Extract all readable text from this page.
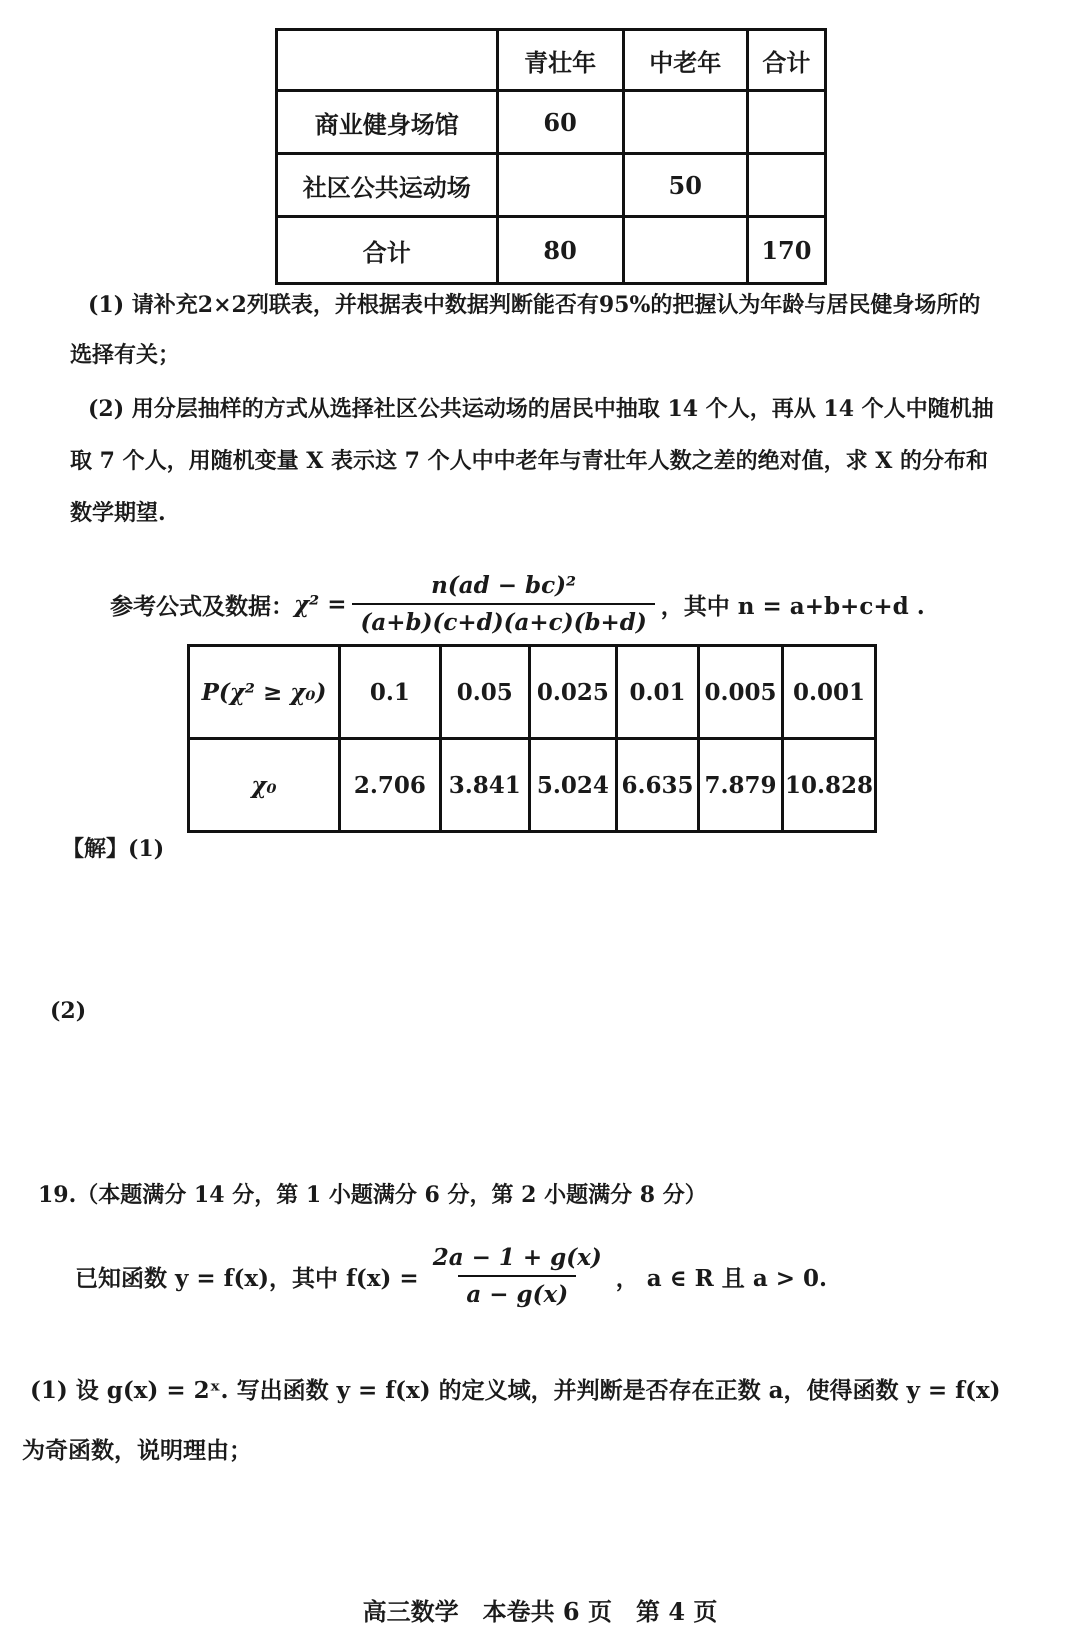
	青壮年	中老年	合计
商业健身场馆	60		
社区公共运动场		50	
合计	80		170
(1) 请补充2×2列联表，并根据表中数据判断能否有95%的把握认为年龄与居民健身场所的
选择有关；
(2) 用分层抽样的方式从选择社区公共运动场的居民中抽取 14 个人，再从 14 个人中随机抽
取 7 个人，用随机变量 X 表示这 7 个人中中老年与青壮年人数之差的绝对值，求 X 的分布和
数学期望.
参考公式及数据： $\chi^2 = \frac{\text{n(ad − bc)²}}{(a+b)(c+d)(a+c)(b+d)}$ ，其中 n = a+b+c+d .
P(χ² ≥ χ₀)	0.1	0.05	0.025	0.01	0.005	0.001
χ₀	2.706	3.841	5.024	6.635	7.879	10.828
【解】(1)
(2)
19.（本题满分 14 分，第 1 小题满分 6 分，第 2 小题满分 8 分）
已知函数 y = f(x)，其中 $f(x) = \frac{2a - 1 + g(x)}{a - g(x)}$ ， a ∈ R 且 a > 0.
(1) 设 g(x) = 2ˣ. 写出函数 y = f(x) 的定义域，并判断是否存在正数 a，使得函数 y = f(x)
为奇函数，说明理由；
高三数学　本卷共 6 页　第 4 页
